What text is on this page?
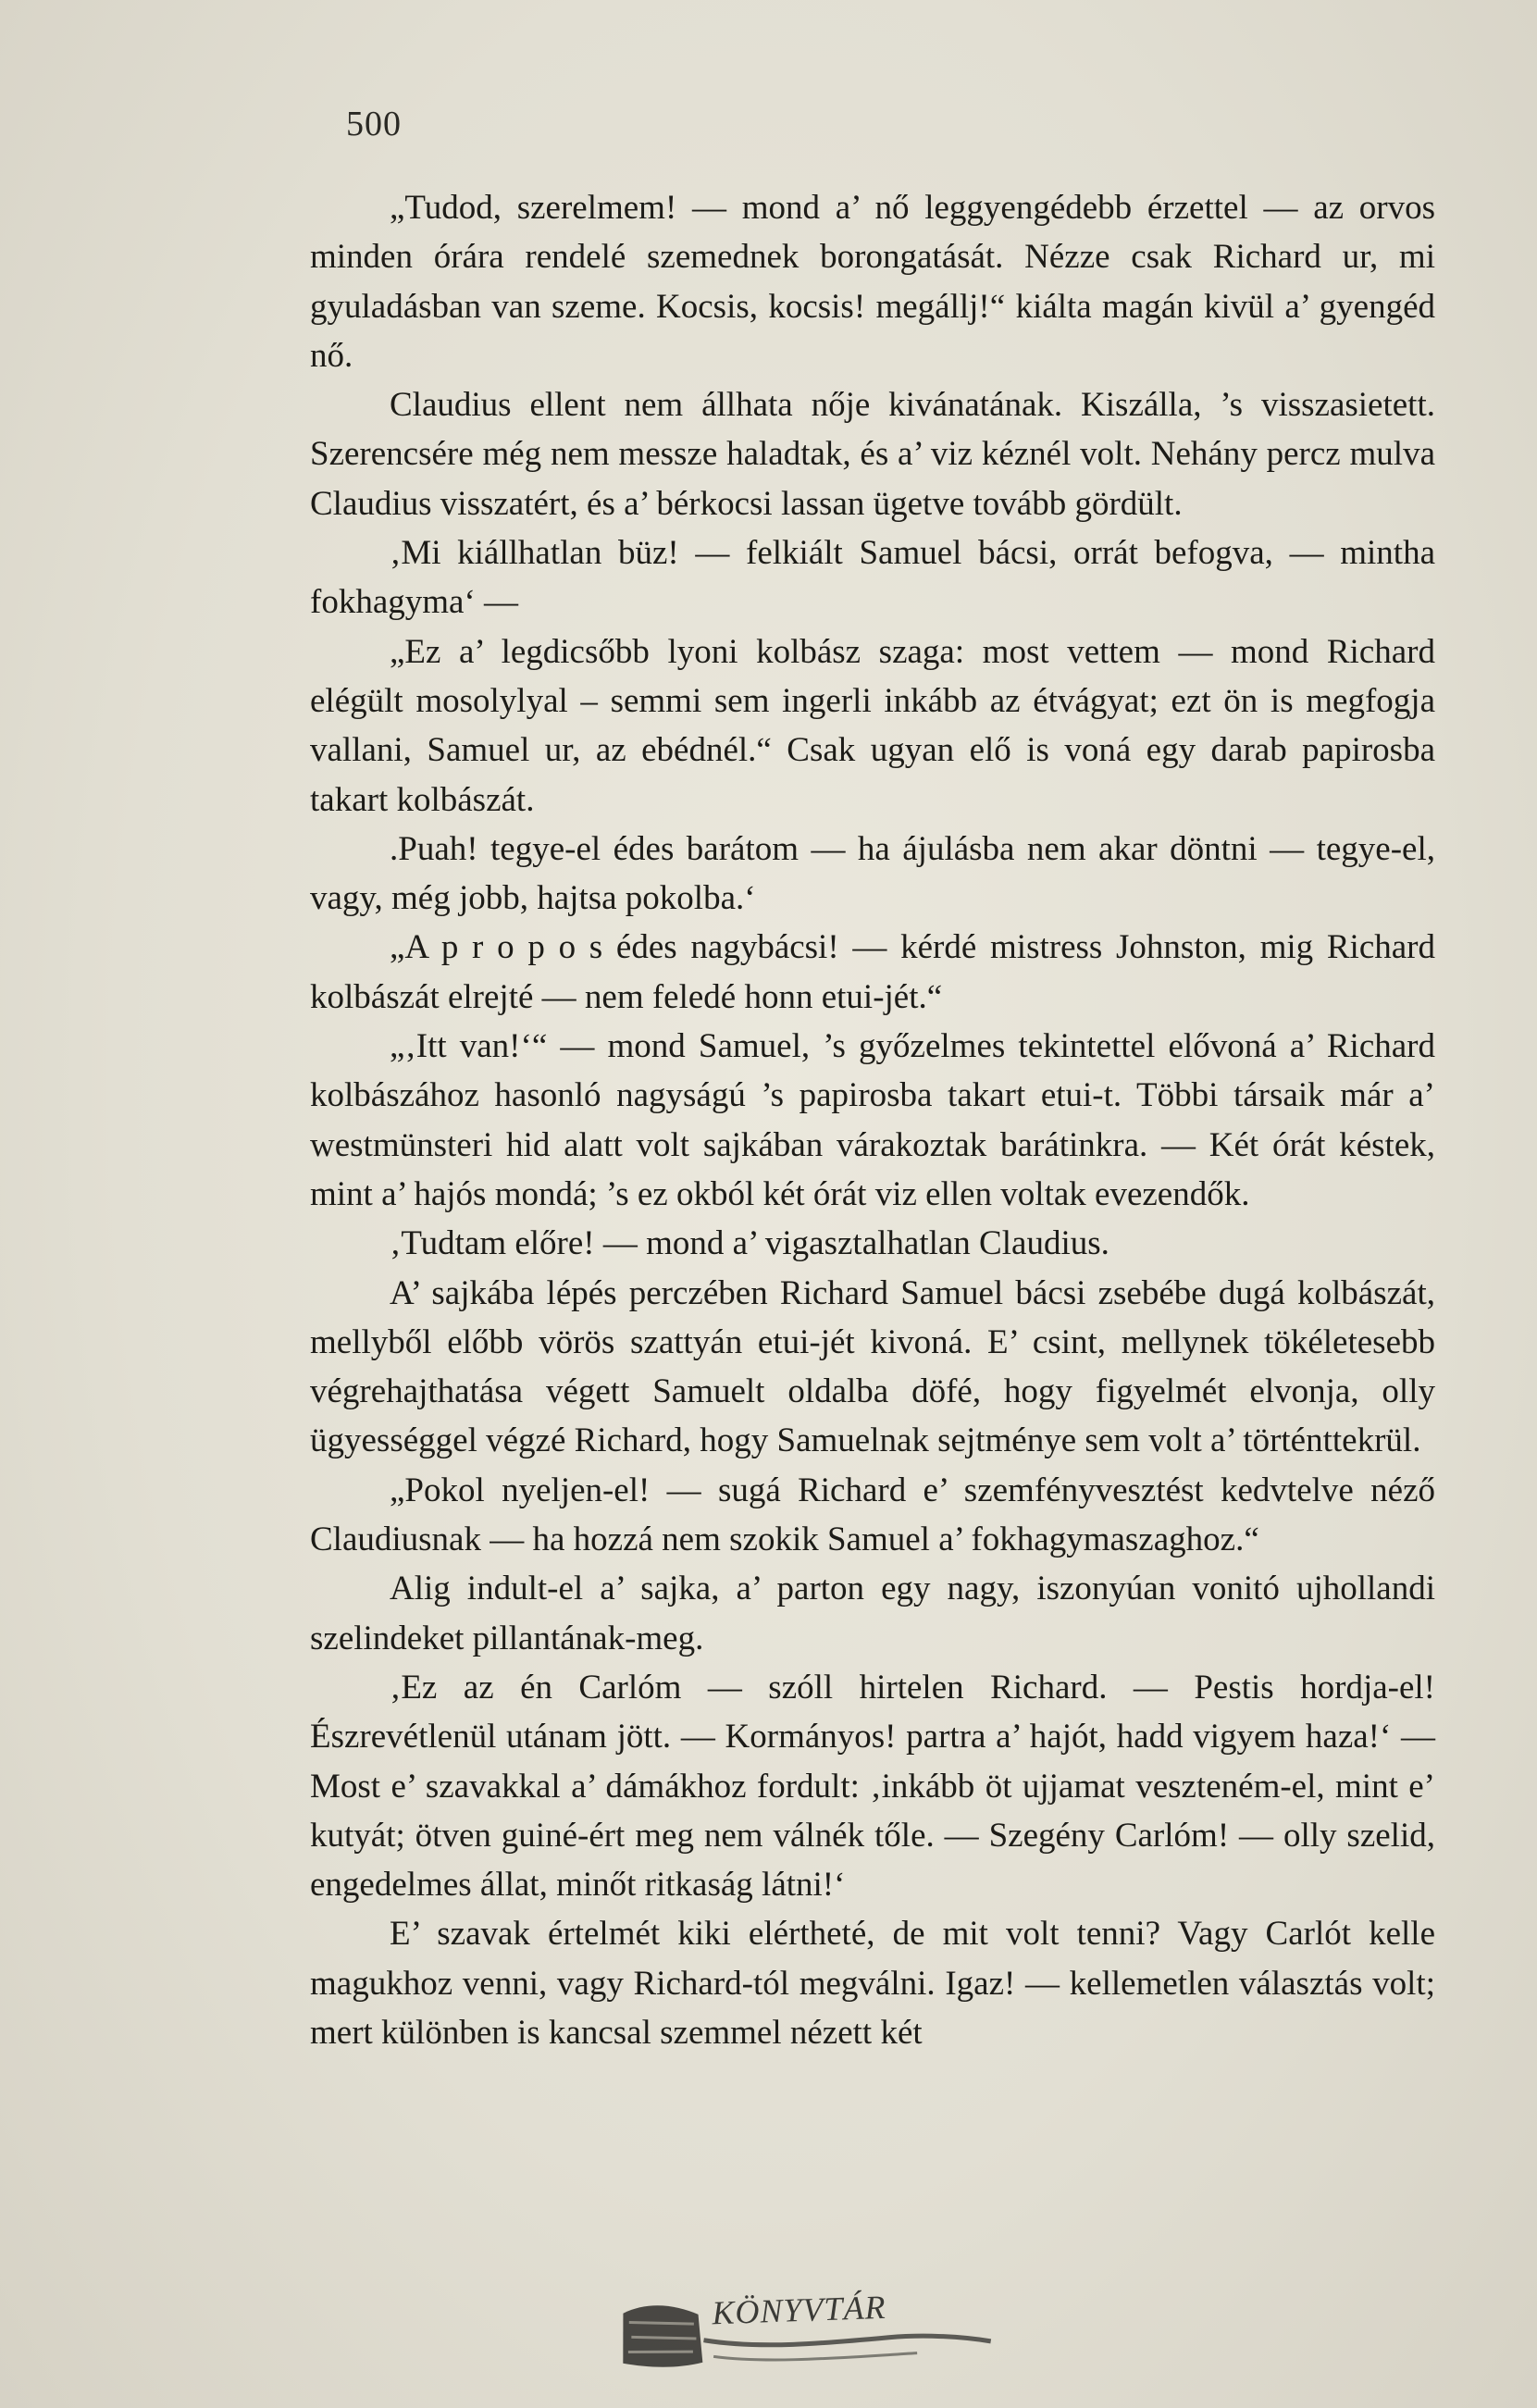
500

„Tudod, szerelmem! — mond a’ nő leggyengédebb érzettel — az orvos minden órára rendelé szemednek borongatását. Nézze csak Richard ur, mi gyuladásban van szeme. Kocsis, kocsis! megállj!“ kiálta magán kivül a’ gyengéd nő.

Claudius ellent nem állhata nője kivánatának. Kiszálla, ’s visszasietett. Szerencsére még nem messze haladtak, és a’ viz kéznél volt. Nehány percz mulva Claudius visszatért, és a’ bérkocsi lassan ügetve tovább gördült.

‚Mi kiállhatlan büz! — felkiált Samuel bácsi, orrát befogva, — mintha fokhagyma‘ —

„Ez a’ legdicsőbb lyoni kolbász szaga: most vettem — mond Richard elégült mosolylyal – semmi sem ingerli inkább az étvágyat; ezt ön is megfogja vallani, Samuel ur, az ebédnél.“ Csak ugyan elő is voná egy darab papirosba takart kolbászát.

.Puah! tegye-el édes barátom — ha ájulásba nem akar döntni — tegye-el, vagy, még jobb, hajtsa pokolba.‘

„A p r o p o s édes nagybácsi! — kérdé mistress Johnston, mig Richard kolbászát elrejté — nem feledé honn etui-jét.“

„‚Itt van!‘“ — mond Samuel, ’s győzelmes tekintettel elővoná a’ Richard kolbászához hasonló nagyságú ’s papirosba takart etui-t. Többi társaik már a’ westmünsteri hid alatt volt sajkában várakoztak barátinkra. — Két órát késtek, mint a’ hajós mondá; ’s ez okból két órát viz ellen voltak evezendők.

‚Tudtam előre! — mond a’ vigasztalhatlan Claudius.

A’ sajkába lépés perczében Richard Samuel bácsi zsebébe dugá kolbászát, mellyből előbb vörös szattyán etui-jét kivoná. E’ csint, mellynek tökéletesebb végrehajthatása végett Samuelt oldalba döfé, hogy figyelmét elvonja, olly ügyességgel végzé Richard, hogy Samuelnak sejtménye sem volt a’ történttekrül.

„Pokol nyeljen-el! — sugá Richard e’ szemfényvesztést kedvtelve néző Claudiusnak — ha hozzá nem szokik Samuel a’ fokhagymaszaghoz.“

Alig indult-el a’ sajka, a’ parton egy nagy, iszonyúan vonitó ujhollandi szelindeket pillantának-meg.

‚Ez az én Carlóm — szóll hirtelen Richard. — Pestis hordja-el! Észrevétlenül utánam jött. — Kormányos! partra a’ hajót, hadd vigyem haza!‘ — Most e’ szavakkal a’ dámákhoz fordult: ‚inkább öt ujjamat veszteném-el, mint e’ kutyát; ötven guiné-ért meg nem válnék tőle. — Szegény Carlóm! — olly szelid, engedelmes állat, minőt ritkaság látni!‘

E’ szavak értelmét kiki elértheté, de mit volt tenni? Vagy Carlót kelle magukhoz venni, vagy Richard-tól megválni. Igaz! — kellemetlen választás volt; mert különben is kancsal szemmel nézett két

KÖNYVTÁR
